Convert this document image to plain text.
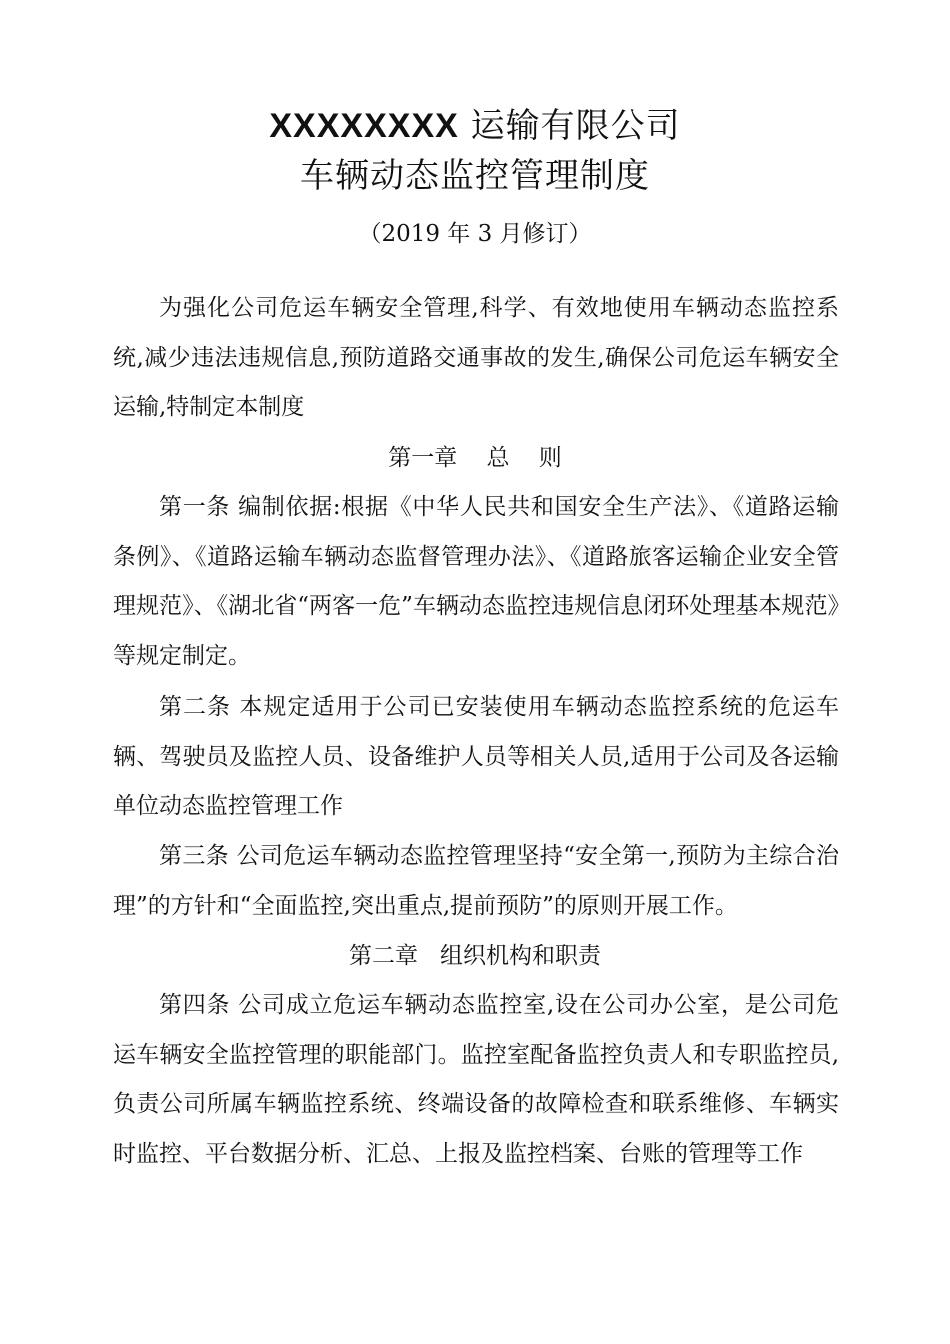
XXXXXXXX 运输有限公司
车辆动态监控管理制度
（2019 年 3 月修订）

为强化公司危运车辆安全管理,科学、有效地使用车辆动态监控系统,减少违法违规信息,预防道路交通事故的发生,确保公司危运车辆安全运输,特制定本制度

第一章    总    则

第一条 编制依据:根据《中华人民共和国安全生产法》、《道路运输条例》、《道路运输车辆动态监督管理办法》、《道路旅客运输企业安全管理规范》、《湖北省“两客一危”车辆动态监控违规信息闭环处理基本规范》等规定制定。

第二条 本规定适用于公司已安装使用车辆动态监控系统的危运车辆、驾驶员及监控人员、设备维护人员等相关人员,适用于公司及各运输单位动态监控管理工作

第三条 公司危运车辆动态监控管理坚持“安全第一,预防为主综合治理”的方针和“全面监控,突出重点,提前预防”的原则开展工作。

第二章   组织机构和职责

第四条 公司成立危运车辆动态监控室,设在公司办公室，是公司危运车辆安全监控管理的职能部门。监控室配备监控负责人和专职监控员,负责公司所属车辆监控系统、终端设备的故障检查和联系维修、车辆实时监控、平台数据分析、汇总、上报及监控档案、台账的管理等工作
